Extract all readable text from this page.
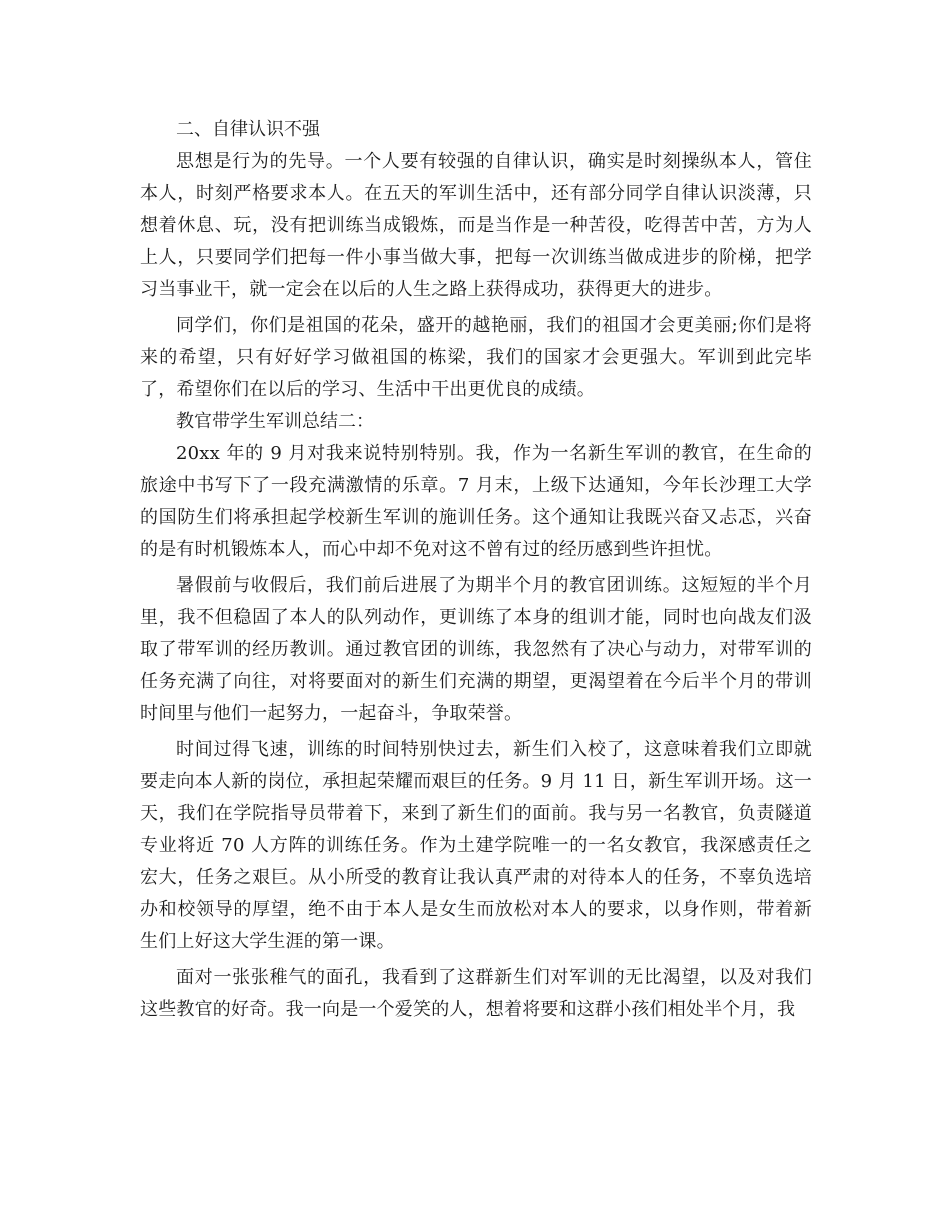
二、自律认识不强

思想是行为的先导。一个人要有较强的自律认识，确实是时刻操纵本人，管住本人，时刻严格要求本人。在五天的军训生活中，还有部分同学自律认识淡薄，只想着休息、玩，没有把训练当成锻炼，而是当作是一种苦役，吃得苦中苦，方为人上人，只要同学们把每一件小事当做大事，把每一次训练当做成进步的阶梯，把学习当事业干，就一定会在以后的人生之路上获得成功，获得更大的进步。

同学们，你们是祖国的花朵，盛开的越艳丽，我们的祖国才会更美丽;你们是将来的希望，只有好好学习做祖国的栋梁，我们的国家才会更强大。军训到此完毕了，希望你们在以后的学习、生活中干出更优良的成绩。

教官带学生军训总结二：

20xx 年的 9 月对我来说特别特别。我，作为一名新生军训的教官，在生命的旅途中书写下了一段充满激情的乐章。7 月末，上级下达通知，今年长沙理工大学的国防生们将承担起学校新生军训的施训任务。这个通知让我既兴奋又忐忑，兴奋的是有时机锻炼本人，而心中却不免对这不曾有过的经历感到些许担忧。

暑假前与收假后，我们前后进展了为期半个月的教官团训练。这短短的半个月里，我不但稳固了本人的队列动作，更训练了本身的组训才能，同时也向战友们汲取了带军训的经历教训。通过教官团的训练，我忽然有了决心与动力，对带军训的任务充满了向往，对将要面对的新生们充满的期望，更渴望着在今后半个月的带训时间里与他们一起努力，一起奋斗，争取荣誉。

时间过得飞速，训练的时间特别快过去，新生们入校了，这意味着我们立即就要走向本人新的岗位，承担起荣耀而艰巨的任务。9 月 11 日，新生军训开场。这一天，我们在学院指导员带着下，来到了新生们的面前。我与另一名教官，负责隧道专业将近 70 人方阵的训练任务。作为土建学院唯一的一名女教官，我深感责任之宏大，任务之艰巨。从小所受的教育让我认真严肃的对待本人的任务，不辜负选培办和校领导的厚望，绝不由于本人是女生而放松对本人的要求，以身作则，带着新生们上好这大学生涯的第一课。

面对一张张稚气的面孔，我看到了这群新生们对军训的无比渴望，以及对我们这些教官的好奇。我一向是一个爱笑的人，想着将要和这群小孩们相处半个月，我
